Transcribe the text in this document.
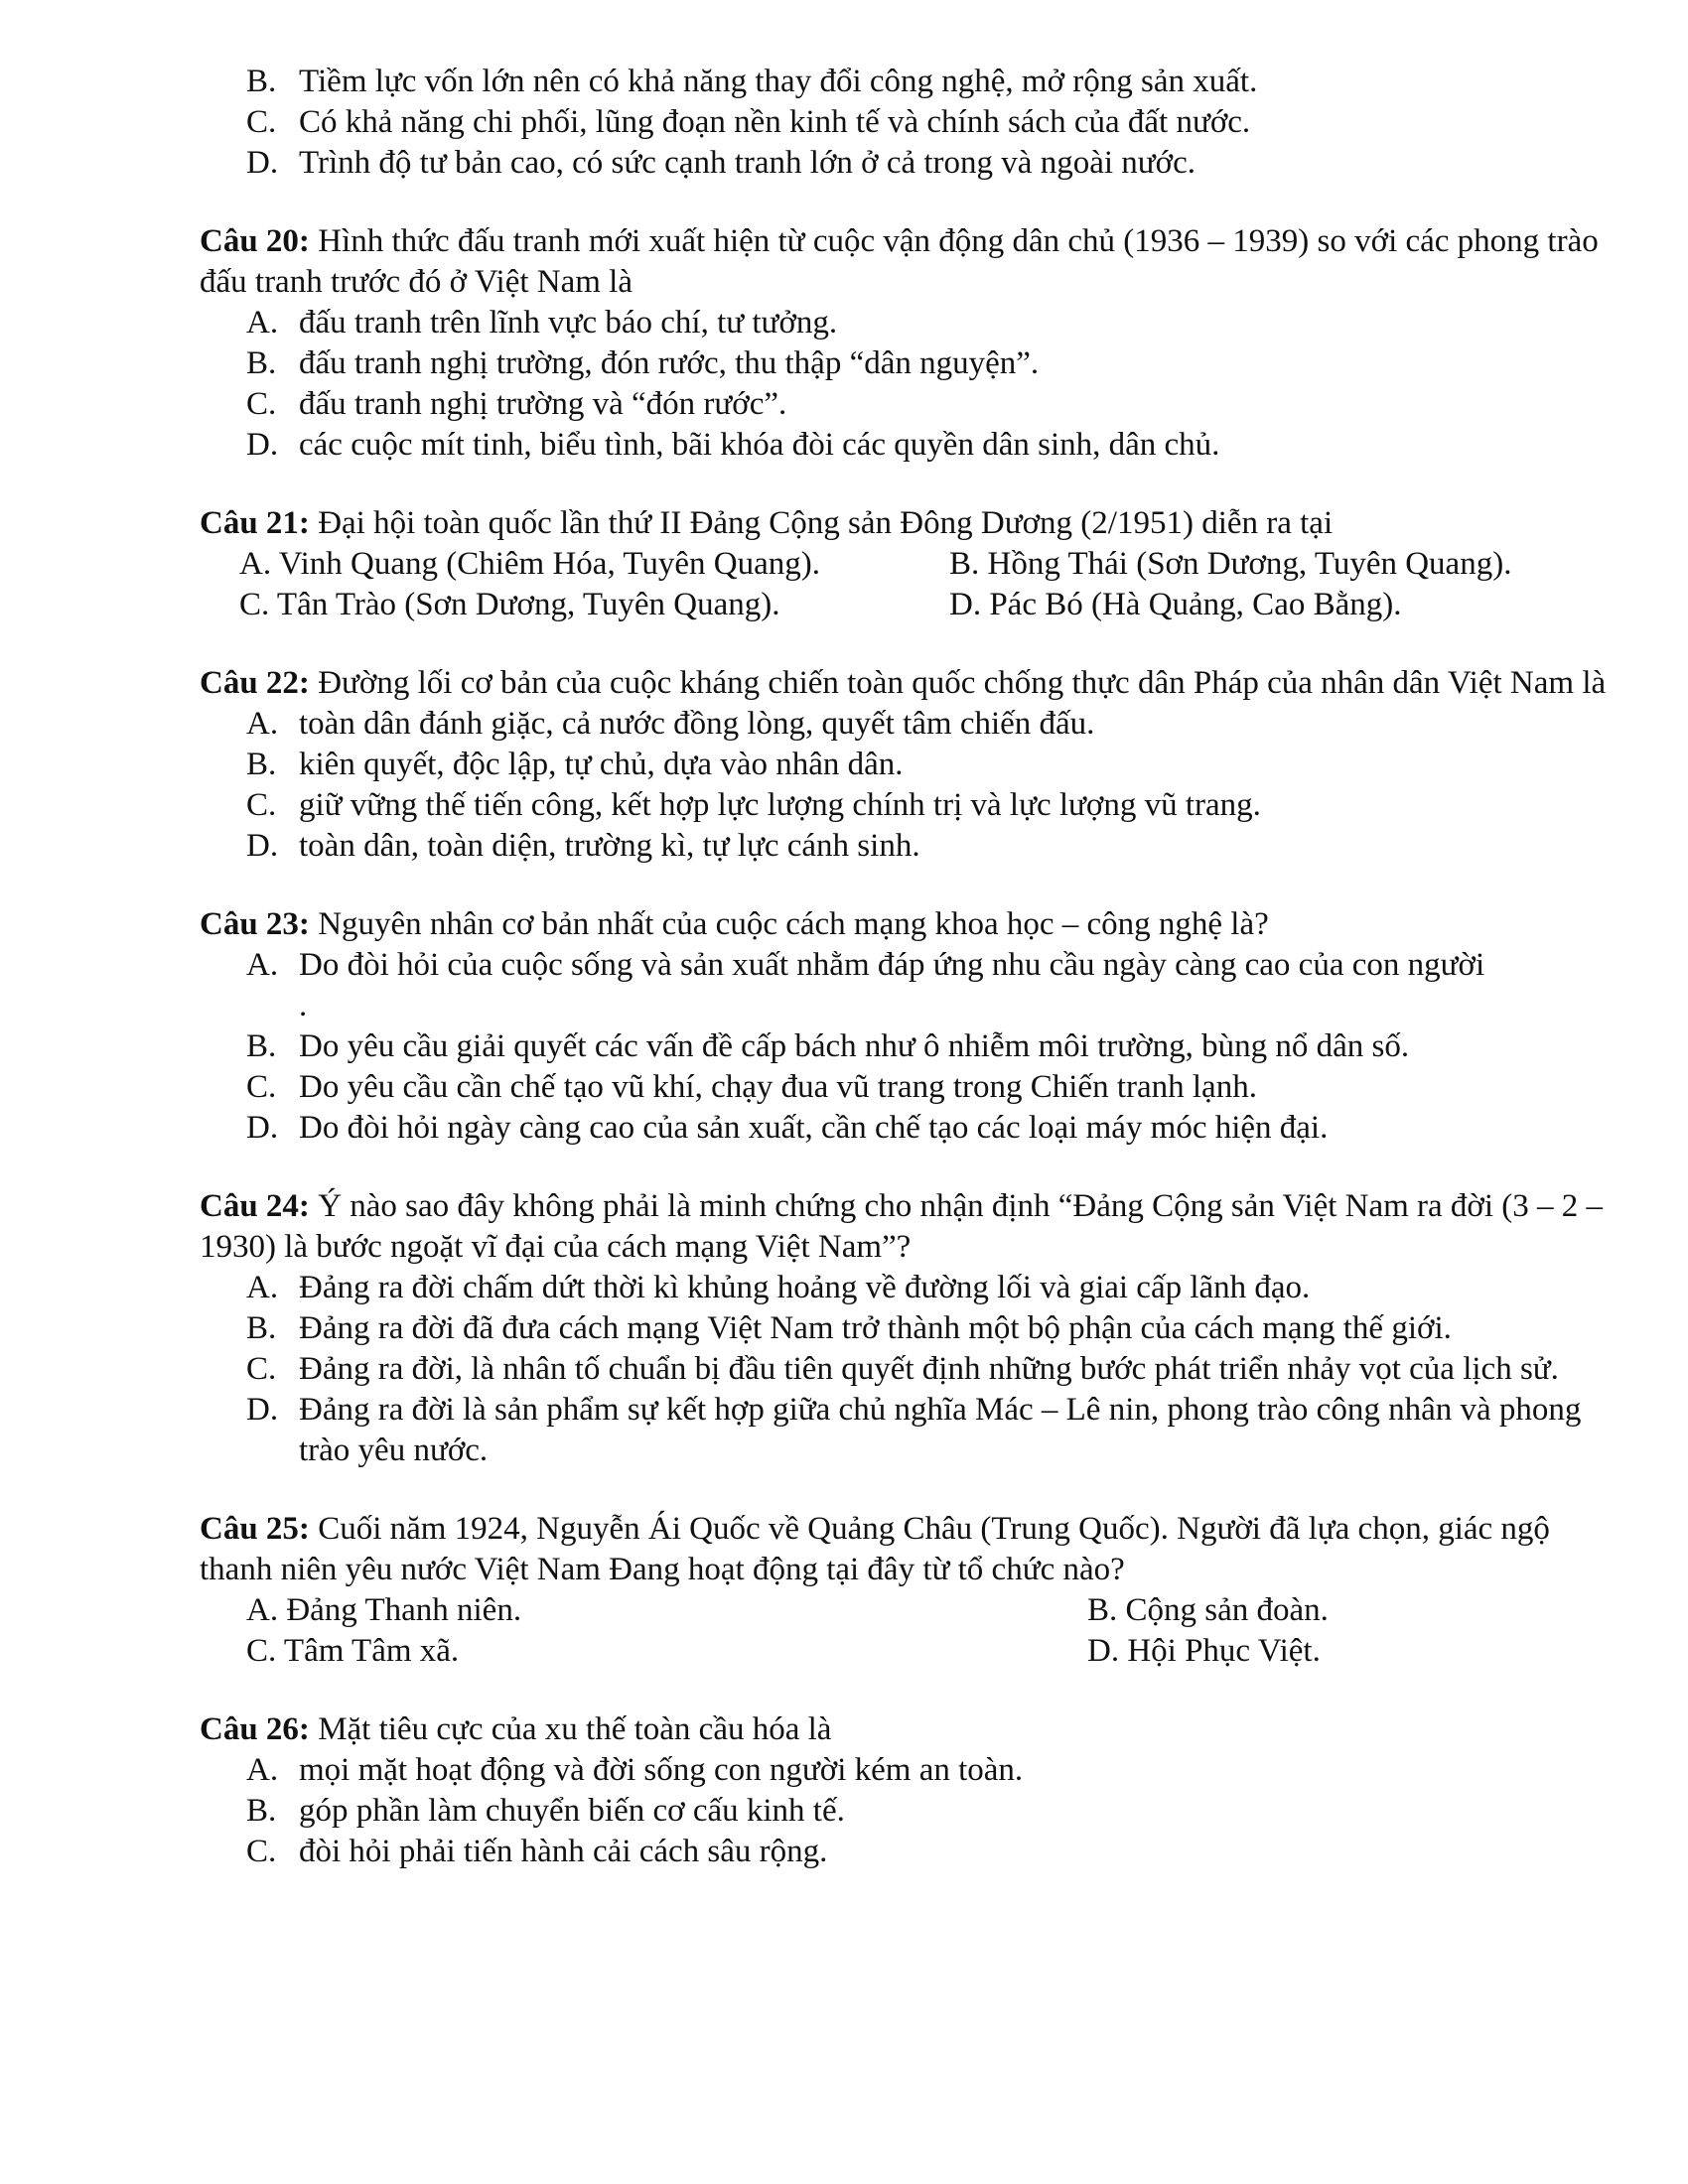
B. Tiềm lực vốn lớn nên có khả năng thay đổi công nghệ, mở rộng sản xuất.

C. Có khả năng chi phối, lũng đoạn nền kinh tế và chính sách của đất nước.

D. Trình độ tư bản cao, có sức cạnh tranh lớn ở cả trong và ngoài nước.

Câu 20: Hình thức đấu tranh mới xuất hiện từ cuộc vận động dân chủ (1936 – 1939) so với các phong trào đấu tranh trước đó ở Việt Nam là

A. đấu tranh trên lĩnh vực báo chí, tư tưởng.

B. đấu tranh nghị trường, đón rước, thu thập “dân nguyện”.

C. đấu tranh nghị trường và “đón rước”.

D. các cuộc mít tinh, biểu tình, bãi khóa đòi các quyền dân sinh, dân chủ.

Câu 21: Đại hội toàn quốc lần thứ II Đảng Cộng sản Đông Dương (2/1951) diễn ra tại

A. Vinh Quang (Chiêm Hóa, Tuyên Quang).	B. Hồng Thái (Sơn Dương, Tuyên Quang).
C. Tân Trào (Sơn Dương, Tuyên Quang).	D. Pác Bó (Hà Quảng, Cao Bằng).

Câu 22: Đường lối cơ bản của cuộc kháng chiến toàn quốc chống thực dân Pháp của nhân dân Việt Nam là

A. toàn dân đánh giặc, cả nước đồng lòng, quyết tâm chiến đấu.

B. kiên quyết, độc lập, tự chủ, dựa vào nhân dân.

C. giữ vững thế tiến công, kết hợp lực lượng chính trị và lực lượng vũ trang.

D. toàn dân, toàn diện, trường kì, tự lực cánh sinh.

Câu 23: Nguyên nhân cơ bản nhất của cuộc cách mạng khoa học – công nghệ là?

A. Do đòi hỏi của cuộc sống và sản xuất nhằm đáp ứng nhu cầu ngày càng cao của con người

.

B. Do yêu cầu giải quyết các vấn đề cấp bách như ô nhiễm môi trường, bùng nổ dân số.

C. Do yêu cầu cần chế tạo vũ khí, chạy đua vũ trang trong Chiến tranh lạnh.

D. Do đòi hỏi ngày càng cao của sản xuất, cần chế tạo các loại máy móc hiện đại.

Câu 24: Ý nào sao đây không phải là minh chứng cho nhận định “Đảng Cộng sản Việt Nam ra đời (3 – 2 – 1930) là bước ngoặt vĩ đại của cách mạng Việt Nam”?

A. Đảng ra đời chấm dứt thời kì khủng hoảng về đường lối và giai cấp lãnh đạo.

B. Đảng ra đời đã đưa cách mạng Việt Nam trở thành một bộ phận của cách mạng thế giới.

C. Đảng ra đời, là nhân tố chuẩn bị đầu tiên quyết định những bước phát triển nhảy vọt của lịch sử.

D. Đảng ra đời là sản phẩm sự kết hợp giữa chủ nghĩa Mác – Lê nin, phong trào công nhân và phong trào yêu nước.

Câu 25: Cuối năm 1924, Nguyễn Ái Quốc về Quảng Châu (Trung Quốc). Người đã lựa chọn, giác ngộ thanh niên yêu nước Việt Nam Đang hoạt động tại đây từ tổ chức nào?

A. Đảng Thanh niên.	B. Cộng sản đoàn.
C. Tâm Tâm xã.	D. Hội Phục Việt.

Câu 26: Mặt tiêu cực của xu thế toàn cầu hóa là

A. mọi mặt hoạt động và đời sống con người kém an toàn.

B. góp phần làm chuyển biến cơ cấu kinh tế.

C. đòi hỏi phải tiến hành cải cách sâu rộng.
